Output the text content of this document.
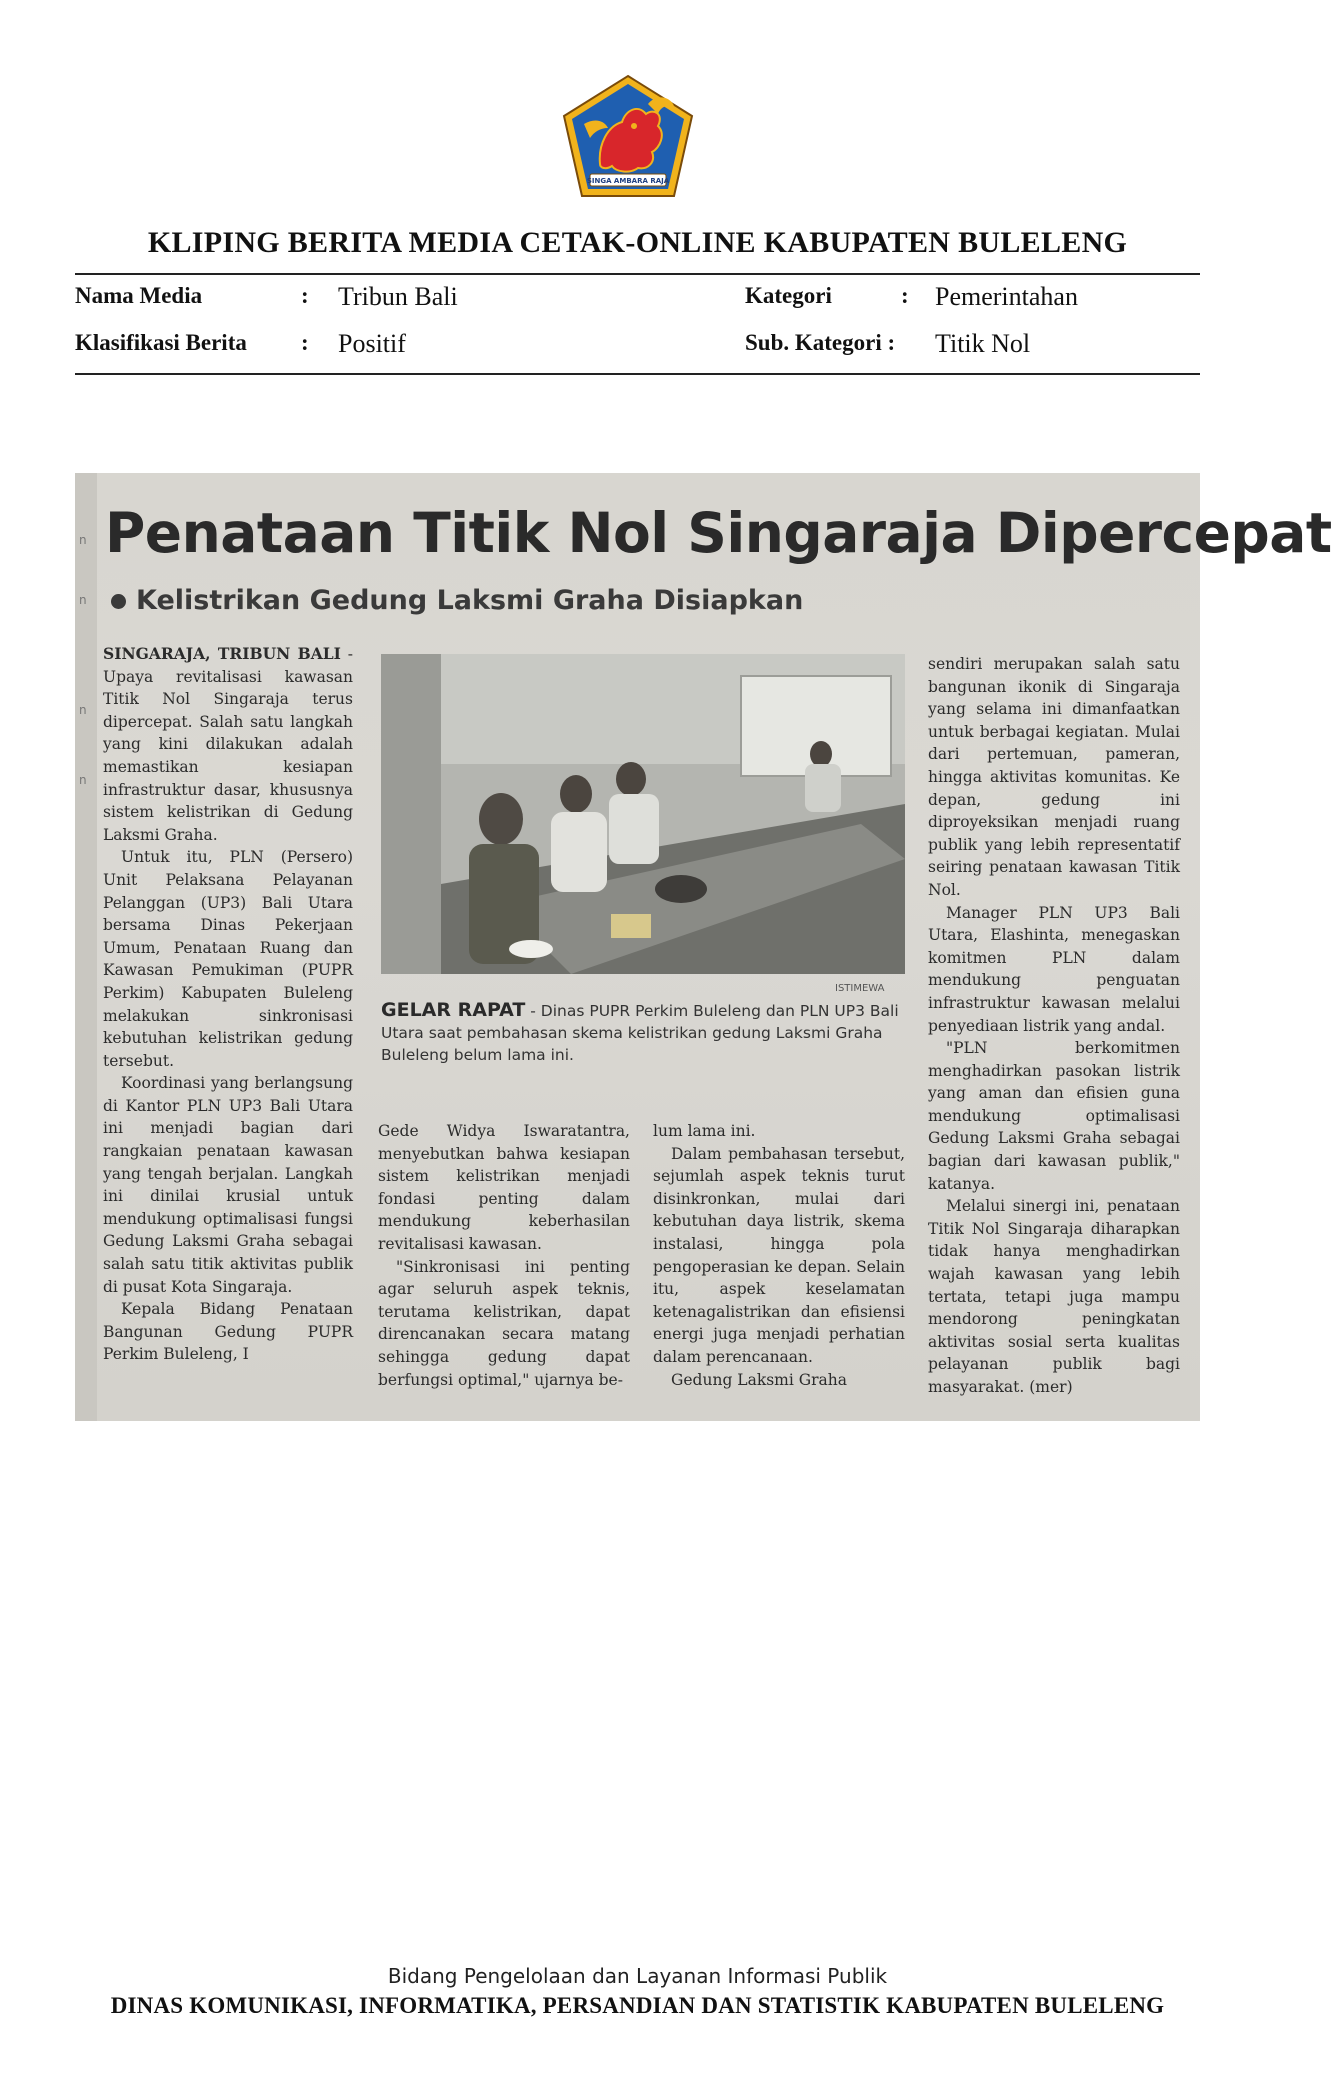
SINGA AMBARA RAJA
KLIPING BERITA MEDIA CETAK-ONLINE KABUPATEN BULELENG
Nama Media	: Tribun Bali	Kategori	: Pemerintahan
Klasifikasi Berita : Positif	Sub. Kategori : Titik Nol
n
n
n
n
Penataan Titik Nol Singaraja Dipercepat
Kelistrikan Gedung Laksmi Graha Disiapkan

SINGARAJA, TRIBUN BALI - Upaya revitalisasi kawasan Titik Nol Singaraja terus dipercepat. Salah satu langkah yang kini dilakukan adalah memastikan kesiapan infrastruktur dasar, khususnya sistem kelistrikan di Gedung Laksmi Graha.

Untuk itu, PLN (Persero) Unit Pelaksana Pelayanan Pelanggan (UP3) Bali Utara bersama Dinas Pekerjaan Umum, Penataan Ruang dan Kawasan Pemukiman (PUPR Perkim) Kabupaten Buleleng melakukan sinkronisasi kebutuhan kelistrikan gedung tersebut.

Koordinasi yang berlangsung di Kantor PLN UP3 Bali Utara ini menjadi bagian dari rangkaian penataan kawasan yang tengah berjalan. Langkah ini dinilai krusial untuk mendukung optimalisasi fungsi Gedung Laksmi Graha sebagai salah satu titik aktivitas publik di pusat Kota Singaraja.

Kepala Bidang Penataan Bangunan Gedung PUPR Perkim Buleleng, I

ISTIMEWA
GELAR RAPAT - Dinas PUPR Perkim Buleleng dan PLN UP3 Bali Utara saat pembahasan skema kelistrikan gedung Laksmi Graha Buleleng belum lama ini.

Gede Widya Iswaratantra, menyebutkan bahwa kesiapan sistem kelistrikan menjadi fondasi penting dalam mendukung keberhasilan revitalisasi kawasan.

"Sinkronisasi ini penting agar seluruh aspek teknis, terutama kelistrikan, dapat direncanakan secara matang sehingga gedung dapat berfungsi optimal," ujarnya be-

lum lama ini.

Dalam pembahasan tersebut, sejumlah aspek teknis turut disinkronkan, mulai dari kebutuhan daya listrik, skema instalasi, hingga pola pengoperasian ke depan. Selain itu, aspek keselamatan ketenagalistrikan dan efisiensi energi juga menjadi perhatian dalam perencanaan.

Gedung Laksmi Graha

sendiri merupakan salah satu bangunan ikonik di Singaraja yang selama ini dimanfaatkan untuk berbagai kegiatan. Mulai dari pertemuan, pameran, hingga aktivitas komunitas. Ke depan, gedung ini diproyeksikan menjadi ruang publik yang lebih representatif seiring penataan kawasan Titik Nol.

Manager PLN UP3 Bali Utara, Elashinta, menegaskan komitmen PLN dalam mendukung penguatan infrastruktur kawasan melalui penyediaan listrik yang andal.

"PLN berkomitmen menghadirkan pasokan listrik yang aman dan efisien guna mendukung optimalisasi Gedung Laksmi Graha sebagai bagian dari kawasan publik," katanya.

Melalui sinergi ini, penataan Titik Nol Singaraja diharapkan tidak hanya menghadirkan wajah kawasan yang lebih tertata, tetapi juga mampu mendorong peningkatan aktivitas sosial serta kualitas pelayanan publik bagi masyarakat. (mer)

Bidang Pengelolaan dan Layanan Informasi Publik
DINAS KOMUNIKASI, INFORMATIKA, PERSANDIAN DAN STATISTIK KABUPATEN BULELENG
